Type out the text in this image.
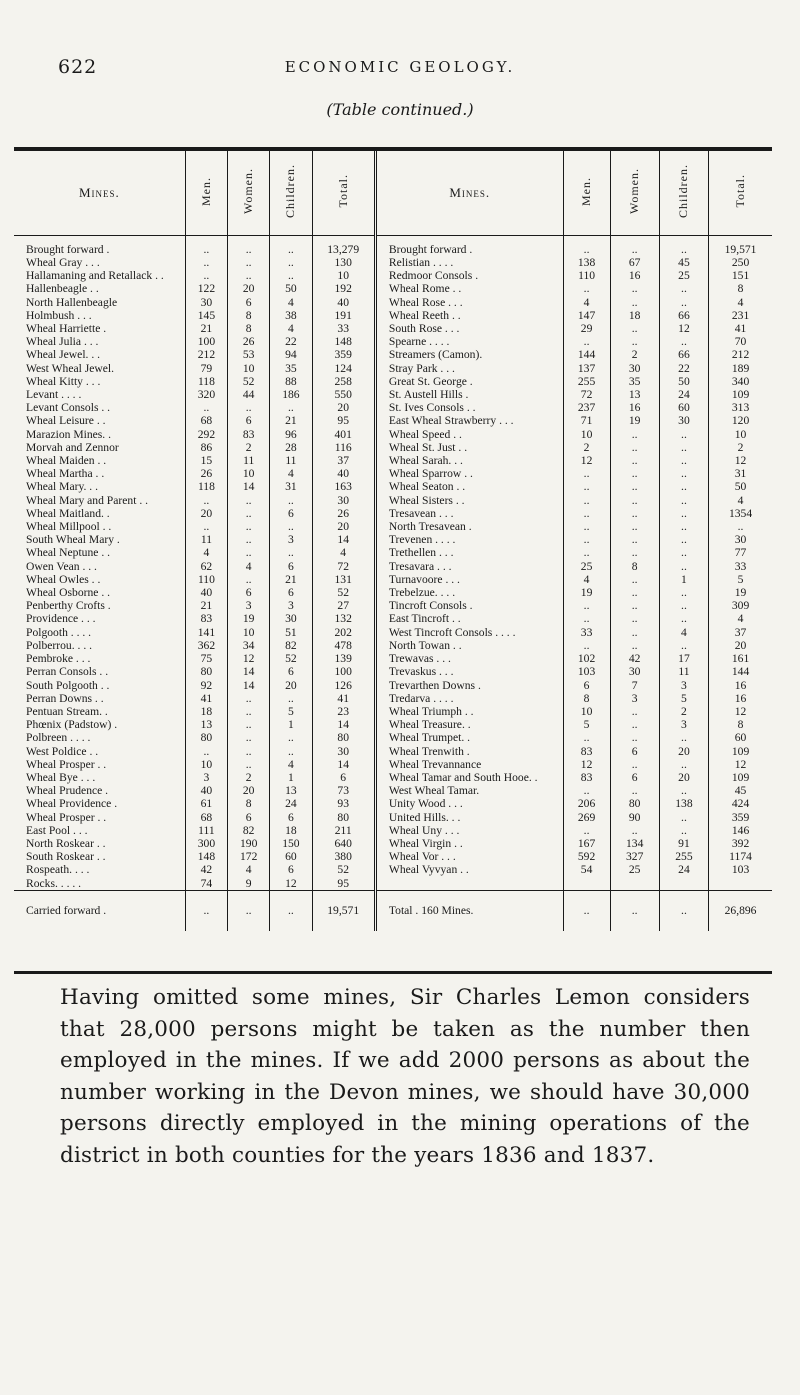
622	ECONOMIC GEOLOGY.
(Table continued.)
Mines.	Men.	Women.	Children.	Total.	Mines.	Men.	Women.	Children.	Total.
Brought forward .	..	..	..	13,279	Brought forward .	..	..	..	19,571
Wheal Gray . . .	..	..	..	130	Relistian . . . .	138	67	45	250
Hallamaning and Retallack . .	..	..	..	10	Redmoor Consols .	110	16	25	151
Hallenbeagle . .	122	20	50	192	Wheal Rome . .	..	..	..	8
North Hallenbeagle	30	6	4	40	Wheal Rose . . .	4	..	..	4
Holmbush . . .	145	8	38	191	Wheal Reeth . .	147	18	66	231
Wheal Harriette .	21	8	4	33	South Rose . . .	29	..	12	41
Wheal Julia . . .	100	26	22	148	Spearne . . . .	..	..	..	70
Wheal Jewel. . .	212	53	94	359	Streamers (Camon).	144	2	66	212
West Wheal Jewel.	79	10	35	124	Stray Park . . .	137	30	22	189
Wheal Kitty . . .	118	52	88	258	Great St. George .	255	35	50	340
Levant . . . .	320	44	186	550	St. Austell Hills .	72	13	24	109
Levant Consols . .	..	..	..	20	St. Ives Consols . .	237	16	60	313
Wheal Leisure . .	68	6	21	95	East Wheal Strawberry . . .	71	19	30	120
Marazion Mines. .	292	83	96	401	Wheal Speed . .	10	..	..	10
Morvah and Zennor	86	2	28	116	Wheal St. Just . .	2	..	..	2
Wheal Maiden . .	15	11	11	37	Wheal Sarah. . .	12	..	..	12
Wheal Martha . .	26	10	4	40	Wheal Sparrow . .	..	..	..	31
Wheal Mary. . .	118	14	31	163	Wheal Seaton . .	..	..	..	50
Wheal Mary and Parent . .	..	..	..	30	Wheal Sisters . .	..	..	..	4
Wheal Maitland. .	20	..	6	26	Tresavean . . .	..	..	..	1354
Wheal Millpool . .	..	..	..	20	North Tresavean .	..	..	..	..
South Wheal Mary .	11	..	3	14	Trevenen . . . .	..	..	..	30
Wheal Neptune . .	4	..	..	4	Trethellen . . .	..	..	..	77
Owen Vean . . .	62	4	6	72	Tresavara . . .	25	8	..	33
Wheal Owles . .	110	..	21	131	Turnavoore . . .	4	..	1	5
Wheal Osborne . .	40	6	6	52	Trebelzue. . . .	19	..	..	19
Penberthy Crofts .	21	3	3	27	Tincroft Consols .	..	..	..	309
Providence . . .	83	19	30	132	East Tincroft . .	..	..	..	4
Polgooth . . . .	141	10	51	202	West Tincroft Consols . . . .	33	..	4	37
Polberrou. . . .	362	34	82	478	North Towan . .	..	..	..	20
Pembroke . . .	75	12	52	139	Trewavas . . .	102	42	17	161
Perran Consols . .	80	14	6	100	Trevaskus . . .	103	30	11	144
South Polgooth . .	92	14	20	126	Trevarthen Downs .	6	7	3	16
Perran Downs . .	41	..	..	41	Tredarva . . . .	8	3	5	16
Pentuan Stream. .	18	..	5	23	Wheal Triumph . .	10	..	2	12
Phœnix (Padstow) .	13	..	1	14	Wheal Treasure. .	5	..	3	8
Polbreen . . . .	80	..	..	80	Wheal Trumpet. .	..	..	..	60
West Poldice . .	..	..	..	30	Wheal Trenwith .	83	6	20	109
Wheal Prosper . .	10	..	4	14	Wheal Trevannance	12	..	..	12
Wheal Bye . . .	3	2	1	6	Wheal Tamar and South Hooe. .	83	6	20	109
Wheal Prudence .	40	20	13	73	West Wheal Tamar.	..	..	..	45
Wheal Providence .	61	8	24	93	Unity Wood . . .	206	80	138	424
Wheal Prosper . .	68	6	6	80	United Hills. . .	269	90	..	359
East Pool . . .	111	82	18	211	Wheal Uny . . .	..	..	..	146
North Roskear . .	300	190	150	640	Wheal Virgin . .	167	134	91	392
South Roskear . .	148	172	60	380	Wheal Vor . . .	592	327	255	1174
Rospeath. . . .	42	4	6	52	Wheal Vyvyan . .	54	25	24	103
Rocks. . . . .	74	9	12	95					
Carried forward .	..	..	..	19,571	Total . 160 Mines.	..	..	..	26,896

Having omitted some mines, Sir Charles Lemon considers that 28,000 persons might be taken as the number then employed in the mines. If we add 2000 persons as about the number working in the Devon mines, we should have 30,000 persons directly employed in the mining operations of the district in both counties for the years 1836 and 1837.
